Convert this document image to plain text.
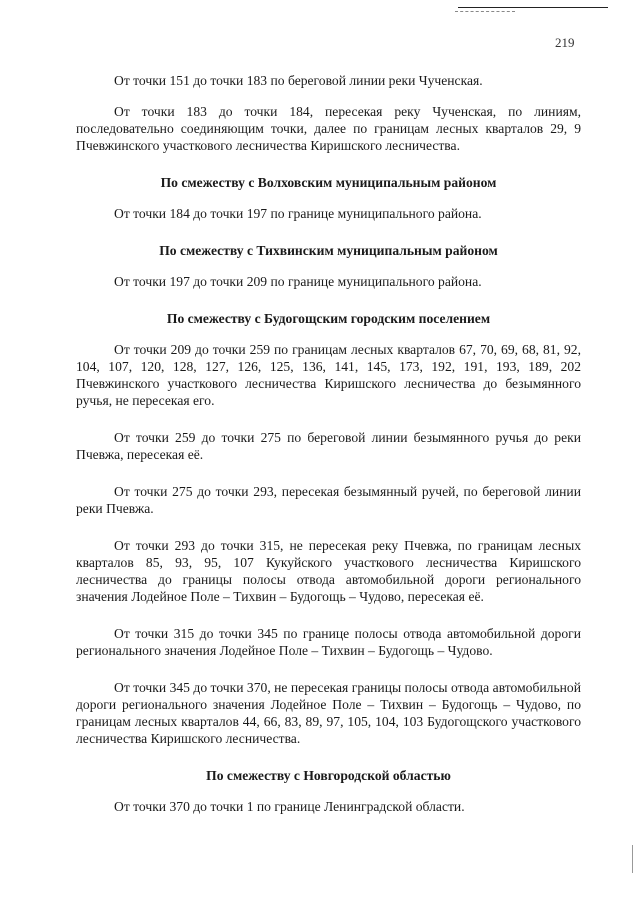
219

От точки 151 до точки 183 по береговой линии реки Чученская.

От точки 183 до точки 184, пересекая реку Чученская, по линиям, последовательно соединяющим точки, далее по границам лесных кварталов 29, 9 Пчевжинского участкового лесничества Киришского лесничества.

По смежеству с Волховским муниципальным районом

От точки 184 до точки 197 по границе муниципального района.

По смежеству с Тихвинским муниципальным районом

От точки 197 до точки 209 по границе муниципального района.

По смежеству с Будогощским городским поселением

От точки 209 до точки 259 по границам лесных кварталов 67, 70, 69, 68, 81, 92, 104, 107, 120, 128, 127, 126, 125, 136, 141, 145, 173, 192, 191, 193, 189, 202 Пчевжинского участкового лесничества Киришского лесничества до безымянного ручья, не пересекая его.

От точки 259 до точки 275 по береговой линии безымянного ручья до реки Пчевжа, пересекая её.

От точки 275 до точки 293, пересекая безымянный ручей, по береговой линии реки Пчевжа.

От точки 293 до точки 315, не пересекая реку Пчевжа, по границам лесных кварталов 85, 93, 95, 107 Кукуйского участкового лесничества Киришского лесничества до границы полосы отвода автомобильной дороги регионального значения Лодейное Поле – Тихвин – Будогощь – Чудово, пересекая её.

От точки 315 до точки 345 по границе полосы отвода автомобильной дороги регионального значения Лодейное Поле – Тихвин – Будогощь – Чудово.

От точки 345 до точки 370, не пересекая границы полосы отвода автомобильной дороги регионального значения Лодейное Поле – Тихвин – Будогощь – Чудово, по границам лесных кварталов 44, 66, 83, 89, 97, 105, 104, 103 Будогощского участкового лесничества Киришского лесничества.

По смежеству с Новгородской областью

От точки 370 до точки 1 по границе Ленинградской области.
